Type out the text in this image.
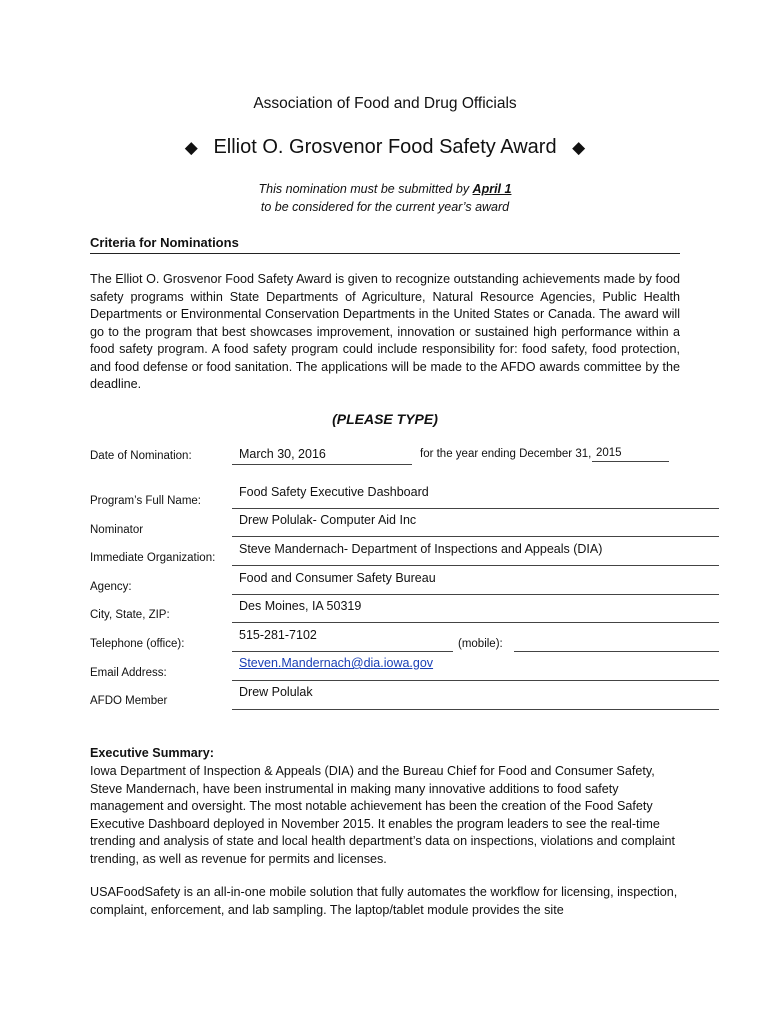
Association of Food and Drug Officials
◆ Elliot O. Grosvenor Food Safety Award ◆
This nomination must be submitted by April 1
to be considered for the current year’s award
Criteria for Nominations
The Elliot O. Grosvenor Food Safety Award is given to recognize outstanding achievements made by food safety programs within State Departments of Agriculture, Natural Resource Agencies, Public Health Departments or Environmental Conservation Departments in the United States or Canada. The award will go to the program that best showcases improvement, innovation or sustained high performance within a food safety program. A food safety program could include responsibility for: food safety, food protection, and food defense or food sanitation. The applications will be made to the AFDO awards committee by the deadline.
(PLEASE TYPE)
Date of Nomination:	March 30, 2016	for the year ending December 31, 2015
Program’s Full Name:
Food Safety Executive Dashboard
Nominator
Drew Polulak- Computer Aid Inc
Immediate Organization:
Steve Mandernach- Department of Inspections and Appeals (DIA)
Agency:
Food and Consumer Safety Bureau
City, State, ZIP:
Des Moines, IA 50319
Telephone (office):
515-281-7102
(mobile):
Email Address:
Steven.Mandernach@dia.iowa.gov
AFDO Member
Drew Polulak
Executive Summary:
Iowa Department of Inspection & Appeals (DIA) and the Bureau Chief for Food and Consumer Safety, Steve Mandernach, have been instrumental in making many innovative additions to food safety management and oversight. The most notable achievement has been the creation of the Food Safety Executive Dashboard deployed in November 2015. It enables the program leaders to see the real-time trending and analysis of state and local health department’s data on inspections, violations and complaint trending, as well as revenue for permits and licenses.
USAFoodSafety is an all-in-one mobile solution that fully automates the workflow for licensing, inspection, complaint, enforcement, and lab sampling. The laptop/tablet module provides the site
